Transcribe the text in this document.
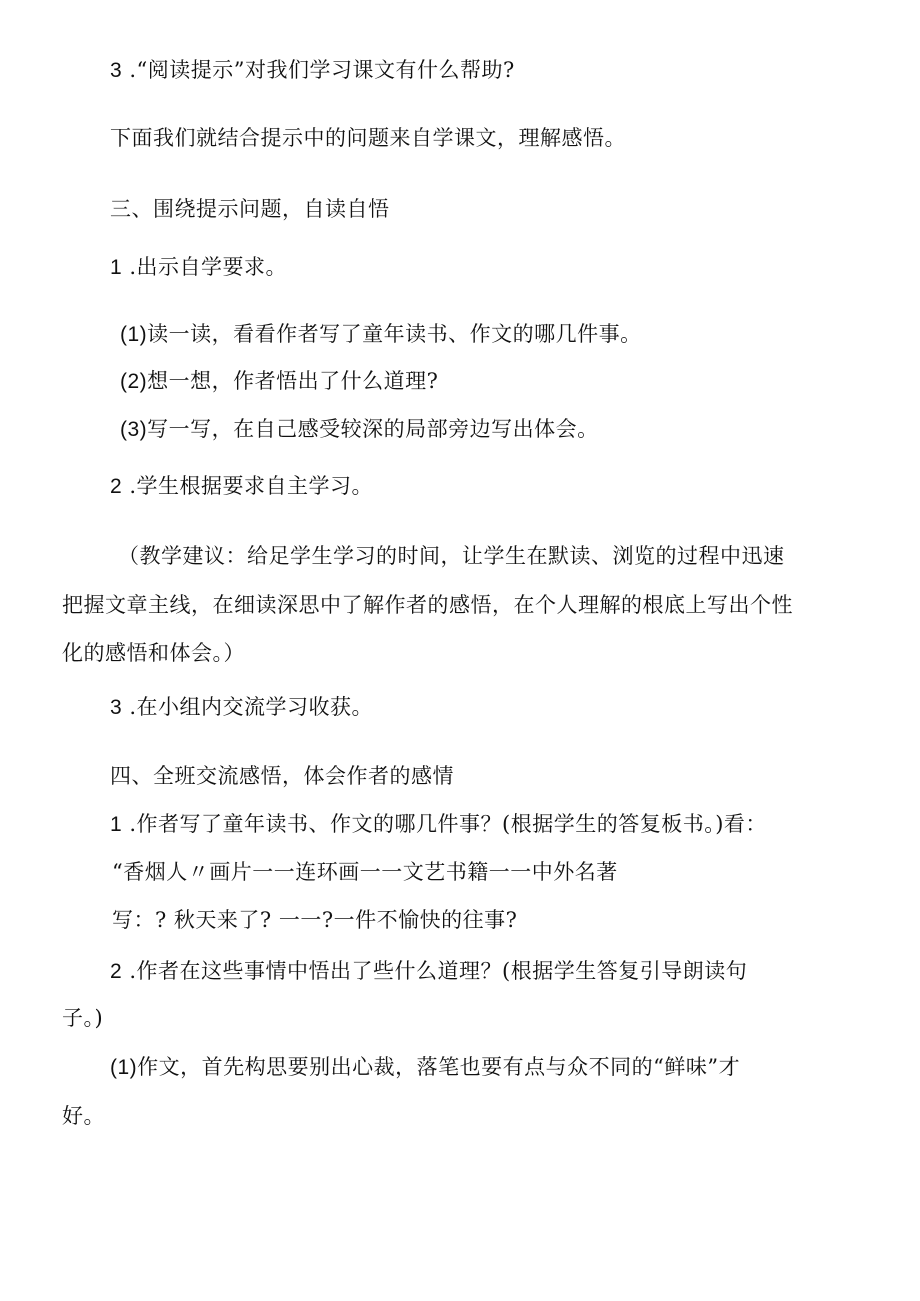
3 .“阅读提示”对我们学习课文有什么帮助?
下面我们就结合提示中的问题来自学课文，理解感悟。
三、围绕提示问题，自读自悟
1 .出示自学要求。
(1)读一读，看看作者写了童年读书、作文的哪几件事。
(2)想一想，作者悟出了什么道理?
(3)写一写，在自己感受较深的局部旁边写出体会。
2 .学生根据要求自主学习。
（教学建议：给足学生学习的时间，让学生在默读、浏览的过程中迅速
把握文章主线，在细读深思中了解作者的感悟，在个人理解的根底上写出个性
化的感悟和体会。）
3 .在小组内交流学习收获。
四、全班交流感悟，体会作者的感情
1 .作者写了童年读书、作文的哪几件事？(根据学生的答复板书。)看：
“香烟人〃画片一一连环画一一文艺书籍一一中外名著
写：? 秋天来了? 一一?一件不愉快的往事?
2 .作者在这些事情中悟出了些什么道理？(根据学生答复引导朗读句
子。)
(1)作文，首先构思要别出心裁，落笔也要有点与众不同的“鲜味”才
好。
